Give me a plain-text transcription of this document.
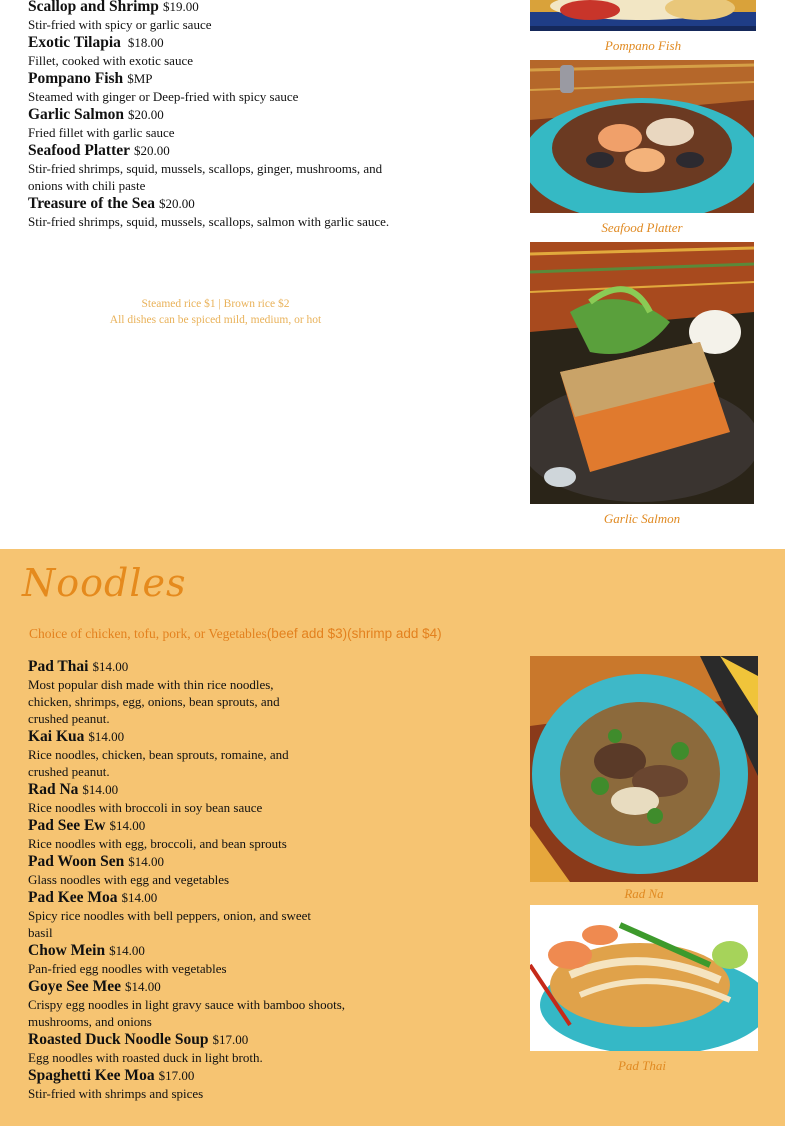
Scallop and Shrimp $19.00
Stir-fried with spicy or garlic sauce
Exotic Tilapia $18.00
Fillet, cooked with exotic sauce
Pompano Fish $MP
Steamed with ginger or Deep-fried with spicy sauce
Garlic Salmon $20.00
Fried fillet with garlic sauce
Seafood Platter $20.00
Stir-fried shrimps, squid, mussels, scallops, ginger, mushrooms, and onions with chili paste
Treasure of the Sea $20.00
Stir-fried shrimps, squid, mussels, scallops, salmon with garlic sauce.
Steamed rice $1 | Brown rice $2
All dishes can be spiced mild, medium, or hot
Pompano Fish
Seafood Platter
Garlic Salmon
Noodles
Choice of chicken, tofu, pork, or Vegetables(beef add $3)(shrimp add $4)
Pad Thai $14.00
Most popular dish made with thin rice noodles, chicken, shrimps, egg, onions, bean sprouts, and crushed peanut.
Kai Kua $14.00
Rice noodles, chicken, bean sprouts, romaine, and crushed peanut.
Rad Na $14.00
Rice noodles with broccoli in soy bean sauce
Pad See Ew $14.00
Rice noodles with egg, broccoli, and bean sprouts
Pad Woon Sen $14.00
Glass noodles with egg and vegetables
Pad Kee Moa $14.00
Spicy rice noodles with bell peppers, onion, and sweet basil
Chow Mein $14.00
Pan-fried egg noodles with vegetables
Goye See Mee $14.00
Crispy egg noodles in light gravy sauce with bamboo shoots, mushrooms, and onions
Roasted Duck Noodle Soup $17.00
Egg noodles with roasted duck in light broth.
Spaghetti Kee Moa $17.00
Stir-fried with shrimps and spices
Rad Na
Pad Thai
